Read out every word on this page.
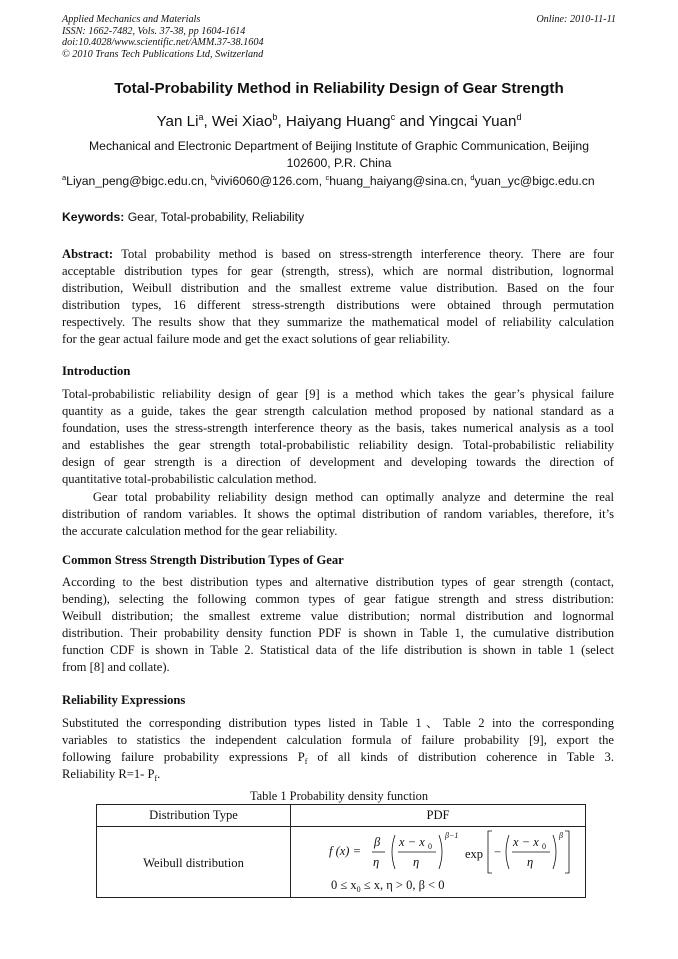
Applied Mechanics and Materials
ISSN: 1662-7482, Vols. 37-38, pp 1604-1614
doi:10.4028/www.scientific.net/AMM.37-38.1604
© 2010 Trans Tech Publications Ltd, Switzerland
Online: 2010-11-11
Total-Probability Method in Reliability Design of Gear Strength
Yan Li$^a$, Wei Xiao$^b$, Haiyang Huang$^c$ and Yingcai Yuan$^d$
Mechanical and Electronic Department of Beijing Institute of Graphic Communication, Beijing
102600, P.R. China
$^a$Liyan_peng@bigc.edu.cn, $^b$vivi6060@126.com, $^c$huang_haiyang@sina.cn, $^d$yuan_yc@bigc.edu.cn
Keywords: Gear, Total-probability, Reliability
Abstract: Total probability method is based on stress-strength interference theory. There are four
acceptable distribution types for gear (strength, stress), which are normal distribution, lognormal
distribution, Weibull distribution and the smallest extreme value distribution. Based on the four
distribution types, 16 different stress-strength distributions were obtained through permutation
respectively. The results show that they summarize the mathematical model of reliability calculation
for the gear actual failure mode and get the exact solutions of gear reliability.
Introduction
Total-probabilistic reliability design of gear [9] is a method which takes the gear’s physical failure
quantity as a guide, takes the gear strength calculation method proposed by national standard as a
foundation, uses the stress-strength interference theory as the basis, takes numerical analysis as a tool
and establishes the gear strength total-probabilistic reliability design. Total-probabilistic reliability
design of gear strength is a direction of development and developing towards the direction of
quantitative total-probabilistic calculation method.
Gear total probability reliability design method can optimally analyze and determine the real
distribution of random variables. It shows the optimal distribution of random variables, therefore, it’s
the accurate calculation method for the gear reliability.
Common Stress Strength Distribution Types of Gear
According to the best distribution types and alternative distribution types of gear strength (contact,
bending), selecting the following common types of gear fatigue strength and stress distribution:
Weibull distribution; the smallest extreme value distribution; normal distribution and lognormal
distribution. Their probability density function PDF is shown in Table 1, the cumulative distribution
function CDF is shown in Table 2. Statistical data of the life distribution is shown in table 1 (select
from [8] and collate).
Reliability Expressions
Substituted the corresponding distribution types listed in Table 1、Table 2 into the corresponding
variables to statistics the independent calculation formula of failure probability [9], export the
following failure probability expressions $P_f$ of all kinds of distribution coherence in Table 3.
Reliability R=1- $P_f$.
Table 1 Probability density function
Distribution Type	PDF
Weibull distribution
f (x) =
β
η
x − x 0
η
β−1
exp −
x − x 0
η
β
$0 \le x_0 \le x$, η > 0, β < 0
